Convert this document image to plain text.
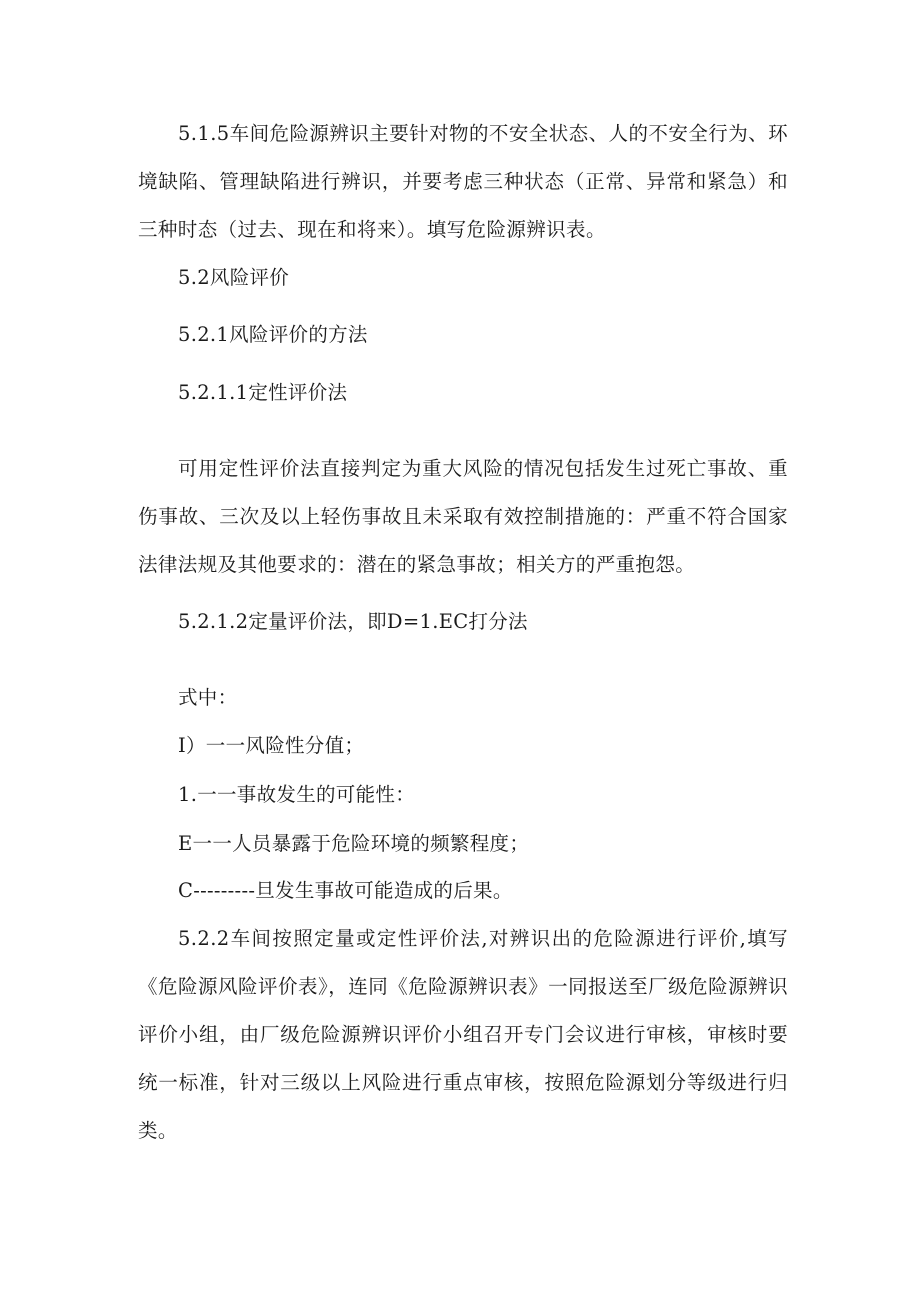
5.1.5车间危险源辨识主要针对物的不安全状态、人的不安全行为、环境缺陷、管理缺陷进行辨识，并要考虑三种状态（正常、异常和紧急）和三种时态（过去、现在和将来）。填写危险源辨识表。

5.2风险评价

5.2.1风险评价的方法

5.2.1.1定性评价法

可用定性评价法直接判定为重大风险的情况包括发生过死亡事故、重伤事故、三次及以上轻伤事故且未采取有效控制措施的：严重不符合国家法律法规及其他要求的：潜在的紧急事故；相关方的严重抱怨。

5.2.1.2定量评价法，即D=1.EC打分法

式中：

I）一一风险性分值；

1.一一事故发生的可能性：

E一一人员暴露于危险环境的频繁程度；

C---------旦发生事故可能造成的后果。

5.2.2车间按照定量或定性评价法,对辨识出的危险源进行评价,填写《危险源风险评价表》，连同《危险源辨识表》一同报送至厂级危险源辨识评价小组，由厂级危险源辨识评价小组召开专门会议进行审核，审核时要统一标准，针对三级以上风险进行重点审核，按照危险源划分等级进行归类。
